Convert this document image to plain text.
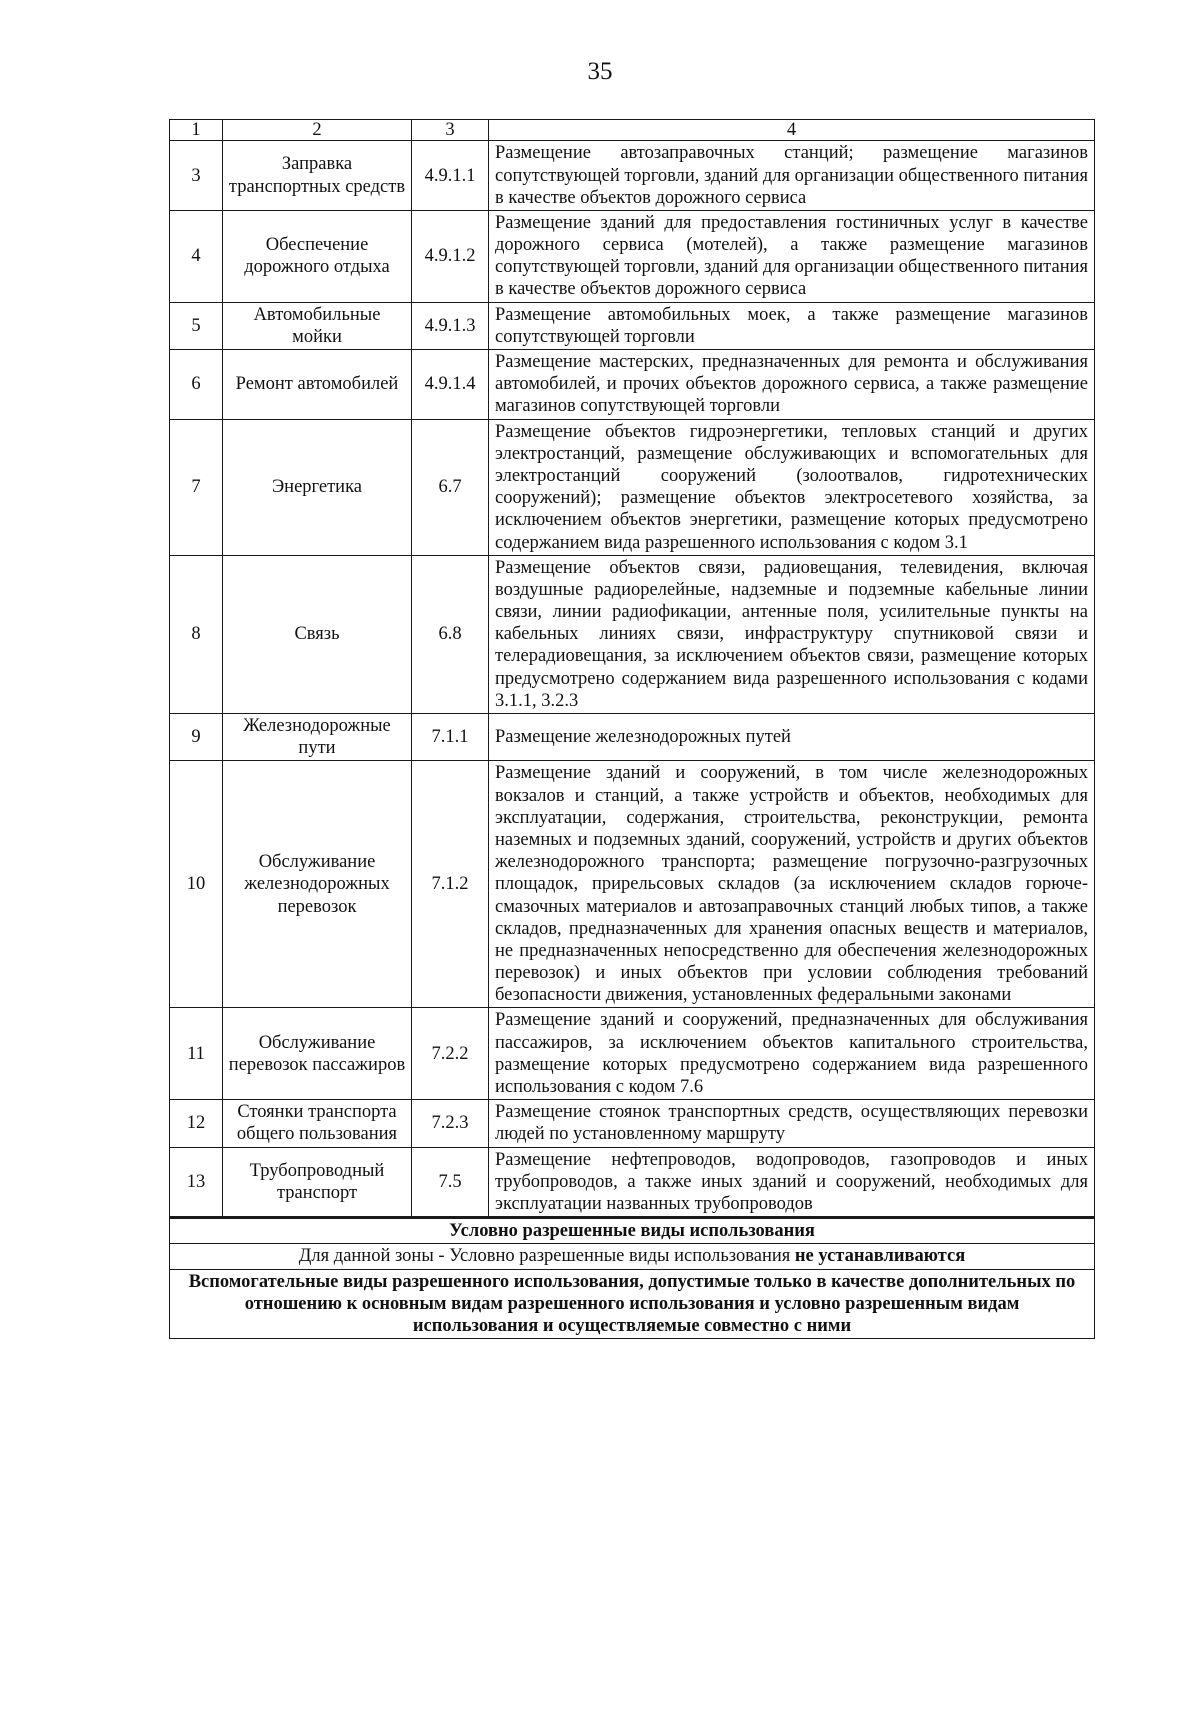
35
1	2	3	4
3	Заправка транспортных средств	4.9.1.1	Размещение автозаправочных станций; размещение магазинов сопутствующей торговли, зданий для организации общественного питания в качестве объектов дорожного сервиса
4	Обеспечение дорожного отдыха	4.9.1.2	Размещение зданий для предоставления гостиничных услуг в качестве дорожного сервиса (мотелей), а также размещение магазинов сопутствующей торговли, зданий для организации общественного питания в качестве объектов дорожного сервиса
5	Автомобильные мойки	4.9.1.3	Размещение автомобильных моек, а также размещение магазинов сопутствующей торговли
6	Ремонт автомобилей	4.9.1.4	Размещение мастерских, предназначенных для ремонта и обслуживания автомобилей, и прочих объектов дорожного сервиса, а также размещение магазинов сопутствующей торговли
7	Энергетика	6.7	Размещение объектов гидроэнергетики, тепловых станций и других электростанций, размещение обслуживающих и вспомогательных для электростанций сооружений (золоотвалов, гидротехнических сооружений); размещение объектов электросетевого хозяйства, за исключением объектов энергетики, размещение которых предусмотрено содержанием вида разрешенного использования с кодом 3.1
8	Связь	6.8	Размещение объектов связи, радиовещания, телевидения, включая воздушные радиорелейные, надземные и подземные кабельные линии связи, линии радиофикации, антенные поля, усилительные пункты на кабельных линиях связи, инфраструктуру спутниковой связи и телерадиовещания, за исключением объектов связи, размещение которых предусмотрено содержанием вида разрешенного использования с кодами 3.1.1, 3.2.3
9	Железнодорожные пути	7.1.1	Размещение железнодорожных путей
10	Обслуживание железнодорожных перевозок	7.1.2	Размещение зданий и сооружений, в том числе железнодорожных вокзалов и станций, а также устройств и объектов, необходимых для эксплуатации, содержания, строительства, реконструкции, ремонта наземных и подземных зданий, сооружений, устройств и других объектов железнодорожного транспорта; размещение погрузочно-разгрузочных площадок, прирельсовых складов (за исключением складов горюче-смазочных материалов и автозаправочных станций любых типов, а также складов, предназначенных для хранения опасных веществ и материалов, не предназначенных непосредственно для обеспечения железнодорожных перевозок) и иных объектов при условии соблюдения требований безопасности движения, установленных федеральными законами
11	Обслуживание перевозок пассажиров	7.2.2	Размещение зданий и сооружений, предназначенных для обслуживания пассажиров, за исключением объектов капитального строительства, размещение которых предусмотрено содержанием вида разрешенного использования с кодом 7.6
12	Стоянки транспорта общего пользования	7.2.3	Размещение стоянок транспортных средств, осуществляющих перевозки людей по установленному маршруту
13	Трубопроводный транспорт	7.5	Размещение нефтепроводов, водопроводов, газопроводов и иных трубопроводов, а также иных зданий и сооружений, необходимых для эксплуатации названных трубопроводов
Условно разрешенные виды использования			
Для данной зоны - Условно разрешенные виды использования не устанавливаются			
Вспомогательные виды разрешенного использования, допустимые только в качестве дополнительных по отношению к основным видам разрешенного использования и условно разрешенным видам использования и осуществляемые совместно с ними			
